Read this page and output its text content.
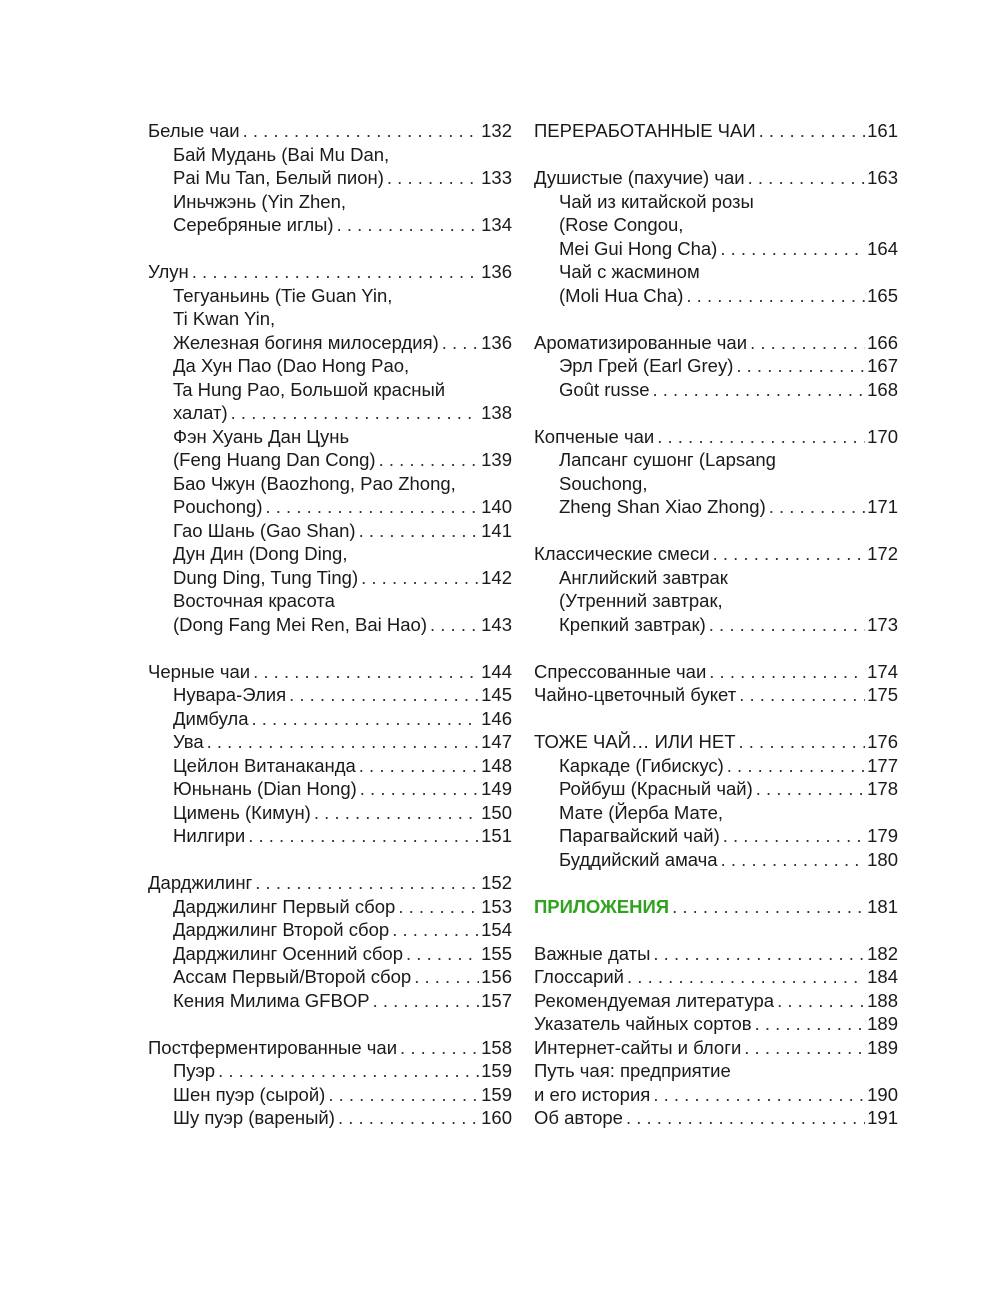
Белые чаи . . .	132
Бай Мудань (Bai Mu Dan,
Pai Mu Tan, Белый пион) . . .	133
Иньчжэнь (Yin Zhen,
Серебряные иглы) . . .	134
Улун . . .	136
Тегуаньинь (Tie Guan Yin,
Ti Kwan Yin,
Железная богиня милосердия) . . . 136
Да Хун Пао (Dao Hong Pao,
Ta Hung Pao, Большой красный
халат) . . .	138
Фэн Хуань Дан Цунь
(Feng Huang Dan Cong) . . .	139
Бао Чжун (Baozhong, Pao Zhong,
Pouchong) . . .	140
Гао Шань (Gao Shan) . . .	141
Дун Дин (Dong Ding,
Dung Ding, Tung Ting) . . .	142
Восточная красота
(Dong Fang Mei Ren, Bai Hao) . . .	143
Черные чаи . . .	144
Нувара-Элия . . .	145
Димбула . . .	146
Ува . . .	147
Цейлон Витанаканда . . .	148
Юньнань (Dian Hong) . . .	149
Цимень (Кимун) . . .	150
Нилгири . . .	151
Дарджилинг . . .	152
Дарджилинг Первый сбор . . .	153
Дарджилинг Второй сбор . . .	154
Дарджилинг Осенний сбор . . .	155
Ассам Первый/Второй сбор . . .	156
Кения Милима GFBOP . . .	157
Постферментированные чаи . . .	158
Пуэр . . .	159
Шен пуэр (сырой) . . .	159
Шу пуэр (вареный) . . .	160
ПЕРЕРАБОТАННЫЕ ЧАИ . . .	161
Душистые (пахучие) чаи . . .	163
Чай из китайской розы
(Rose Congou,
Mei Gui Hong Cha) . . .	164
Чай с жасмином
(Moli Hua Cha) . . .	165
Ароматизированные чаи . . .	166
Эрл Грей (Earl Grey) . . .	167
Goût russe . . .	168
Копченые чаи . . .	170
Лапсанг сушонг (Lapsang
Souchong,
Zheng Shan Xiao Zhong) . . .	171
Классические смеси . . .	172
Английский завтрак
(Утренний завтрак,
Крепкий завтрак) . . .	173
Спрессованные чаи . . .	174
Чайно-цветочный букет . . .	175
ТОЖЕ ЧАЙ… ИЛИ НЕТ . . .	176
Каркаде (Гибискус) . . .	177
Ройбуш (Красный чай) . . .	178
Мате (Йерба Мате,
Парагвайский чай) . . .	179
Буддийский амача . . .	180
ПРИЛОЖЕНИЯ . . .	181
Важные даты . . .	182
Глоссарий . . .	184
Рекомендуемая литература . . .	188
Указатель чайных сортов . . .	189
Интернет-сайты и блоги . . .	189
Путь чая: предприятие
и его история . . .	190
Об авторе . . .	191
